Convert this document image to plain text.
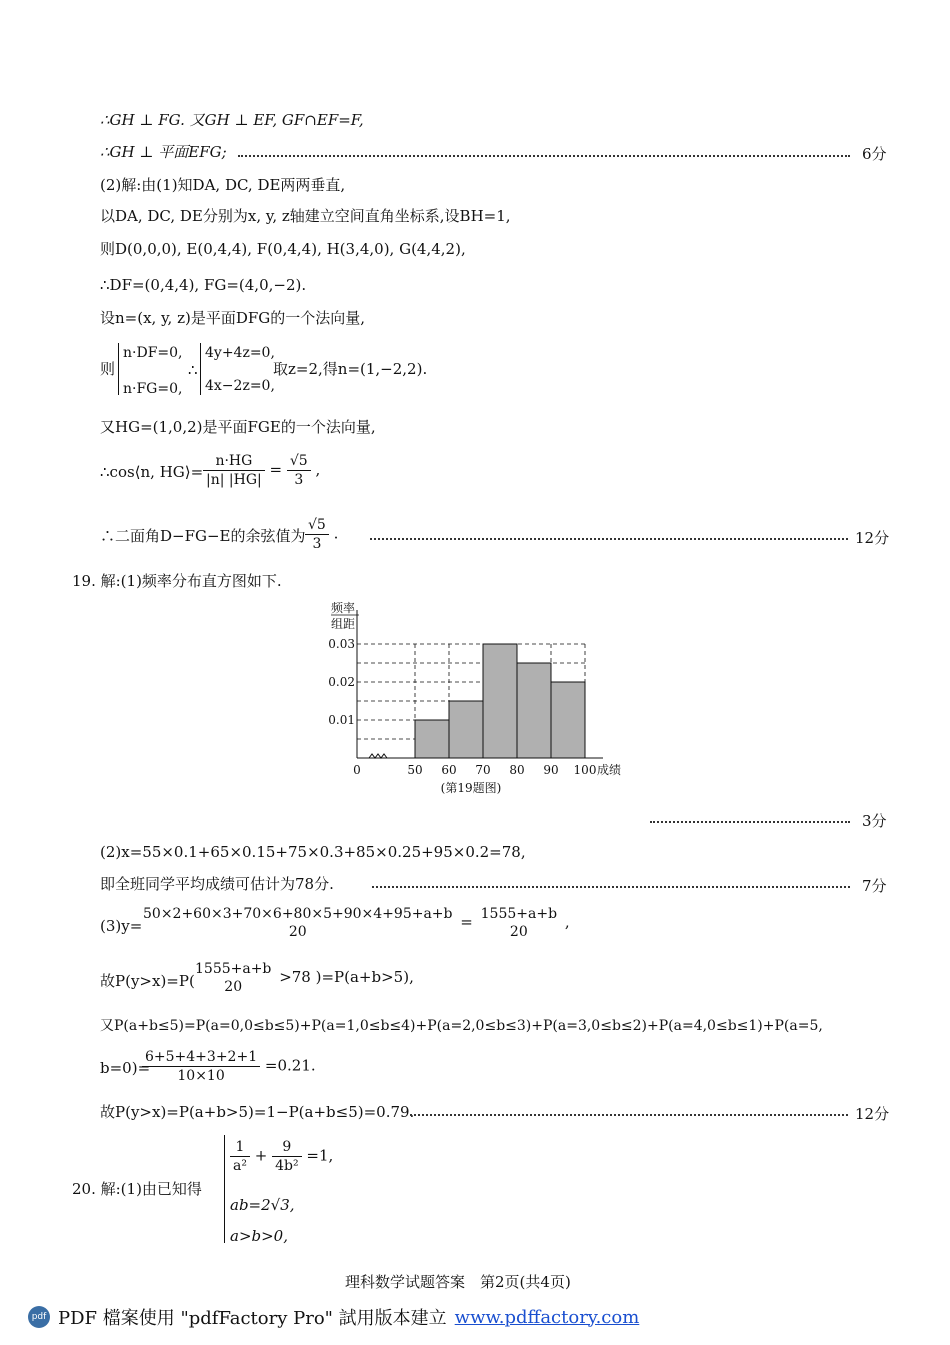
∴GH ⊥ FG. 又GH ⊥ EF, GF∩EF=F,
∴GH ⊥ 平面EFG;	6分
(2)解:由(1)知DA, DC, DE两两垂直,
以DA, DC, DE分别为x, y, z轴建立空间直角坐标系,设BH=1,
则D(0,0,0), E(0,4,4), F(0,4,4), H(3,4,0), G(4,4,2),
∴DF=(0,4,4), FG=(4,0,−2).
设n=(x, y, z)是平面DFG的一个法向量,
则
n·DF=0,
n·FG=0,
∴
4y+4z=0,
4x−2z=0,
取z=2,得n=(1,−2,2).
又HG=(1,0,2)是平面FGE的一个法向量,
∴cos⟨n, HG⟩= $\frac{n\cdot HG}{|n| |HG|} = \frac{√5}{3}$ ,
∴二面角D−FG−E的余弦值为 $\frac{√5}{3}$ .	12分
19. 解:(1)频率分布直方图如下.
0.01
0.02
0.03
频率
组距
0	50 60 70 80 90 100 成绩
(第19题图)
3分
(2)x=55×0.1+65×0.15+75×0.3+85×0.25+95×0.2=78,
即全班同学平均成绩可估计为78分.	7分
(3)y=
50×2+60×3+70×6+80×5+90×4+95+a+b
20
= 1555+a+b
20
,
故P(y>x)=P(
1555+a+b
20
>78 )=P(a+b>5),
又P(a+b≤5)=P(a=0,0≤b≤5)+P(a=1,0≤b≤4)+P(a=2,0≤b≤3)+P(a=3,0≤b≤2)+P(a=4,0≤b≤1)+P(a=5,
b=0)=
$\frac{6+5+4+3+2+1}{10\times 10} =0.21$.
故P(y>x)=P(a+b>5)=1−P(a+b≤5)=0.79.	12分
20. 解:(1)由已知得
$\frac{1}{\text{a²}} + \frac{9}{\text{4b²}} =1$,
ab=2√3,
a>b>0,
理科数学试题答案　第2页(共4页)
pdf PDF 檔案使用 "pdfFactory Pro" 試用版本建立 www.pdffactory.com
